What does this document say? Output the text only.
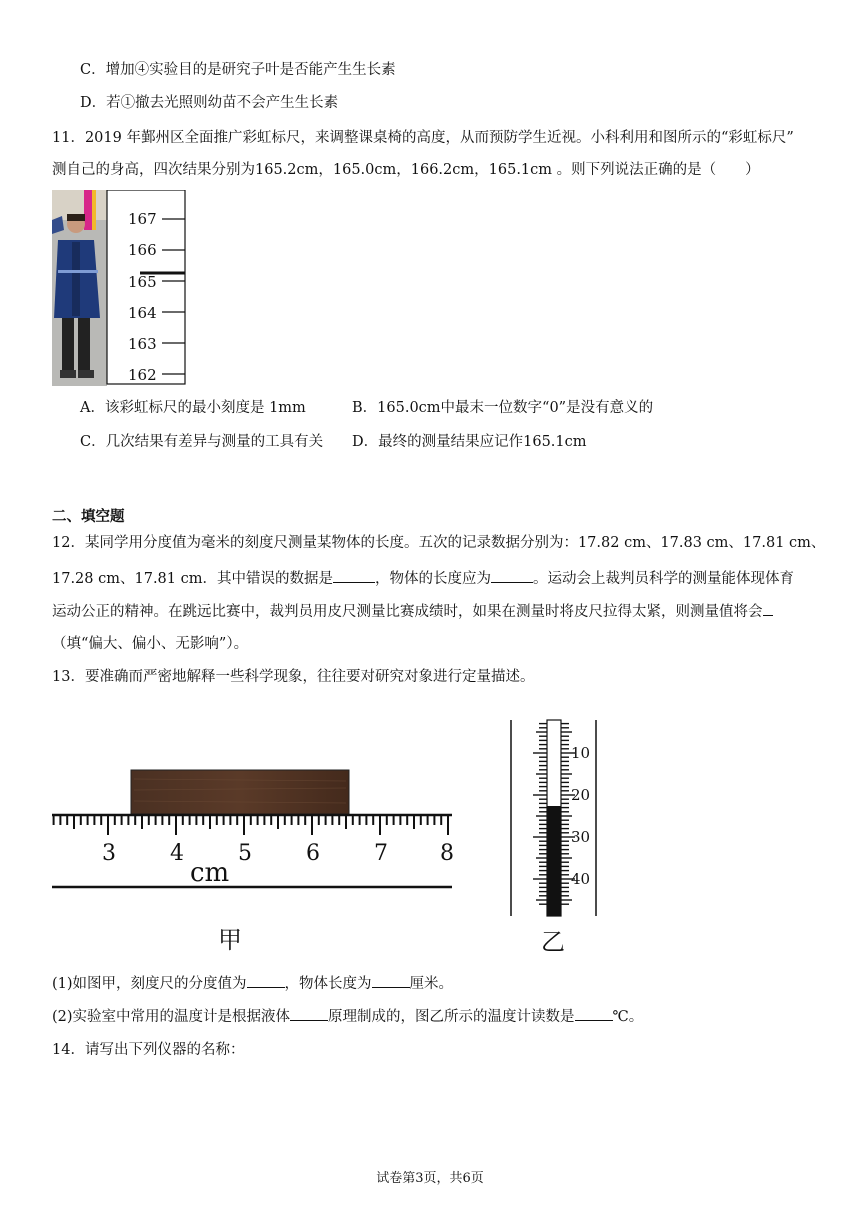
C．增加④实验目的是研究子叶是否能产生生长素
D．若①撤去光照则幼苗不会产生生长素
11．2019 年鄞州区全面推广彩虹标尺，来调整课桌椅的高度，从而预防学生近视。小科利用和图所示的“彩虹标尺”
测自己的身高，四次结果分别为165.2cm，165.0cm，166.2cm，165.1cm 。则下列说法正确的是（　　）
167
166
165
164
163
162
A．该彩虹标尺的最小刻度是 1mm	B．165.0cm中最末一位数字“0”是没有意义的
C．几次结果有差异与测量的工具有关 D．最终的测量结果应记作165.1cm
二、填空题
12．某同学用分度值为毫米的刻度尺测量某物体的长度。五次的记录数据分别为：17.82 cm、17.83 cm、17.81 cm、
17.28 cm、17.81 cm．其中错误的数据是	，物体的长度应为	。运动会上裁判员科学的测量能体现体育
运动公正的精神。在跳远比赛中，裁判员用皮尺测量比赛成绩时，如果在测量时将皮尺拉得太紧，则测量值将会
（填“偏大、偏小、无影响”）。
13．要准确而严密地解释一些科学现象，往往要对研究对象进行定量描述。
3 4 5 6 7 8
cm
甲
10
20
30
40
乙
(1)如图甲，刻度尺的分度值为	，物体长度为	厘米。
(2)实验室中常用的温度计是根据液体	原理制成的，图乙所示的温度计读数是	℃。
14．请写出下列仪器的名称：
试卷第3页，共6页
